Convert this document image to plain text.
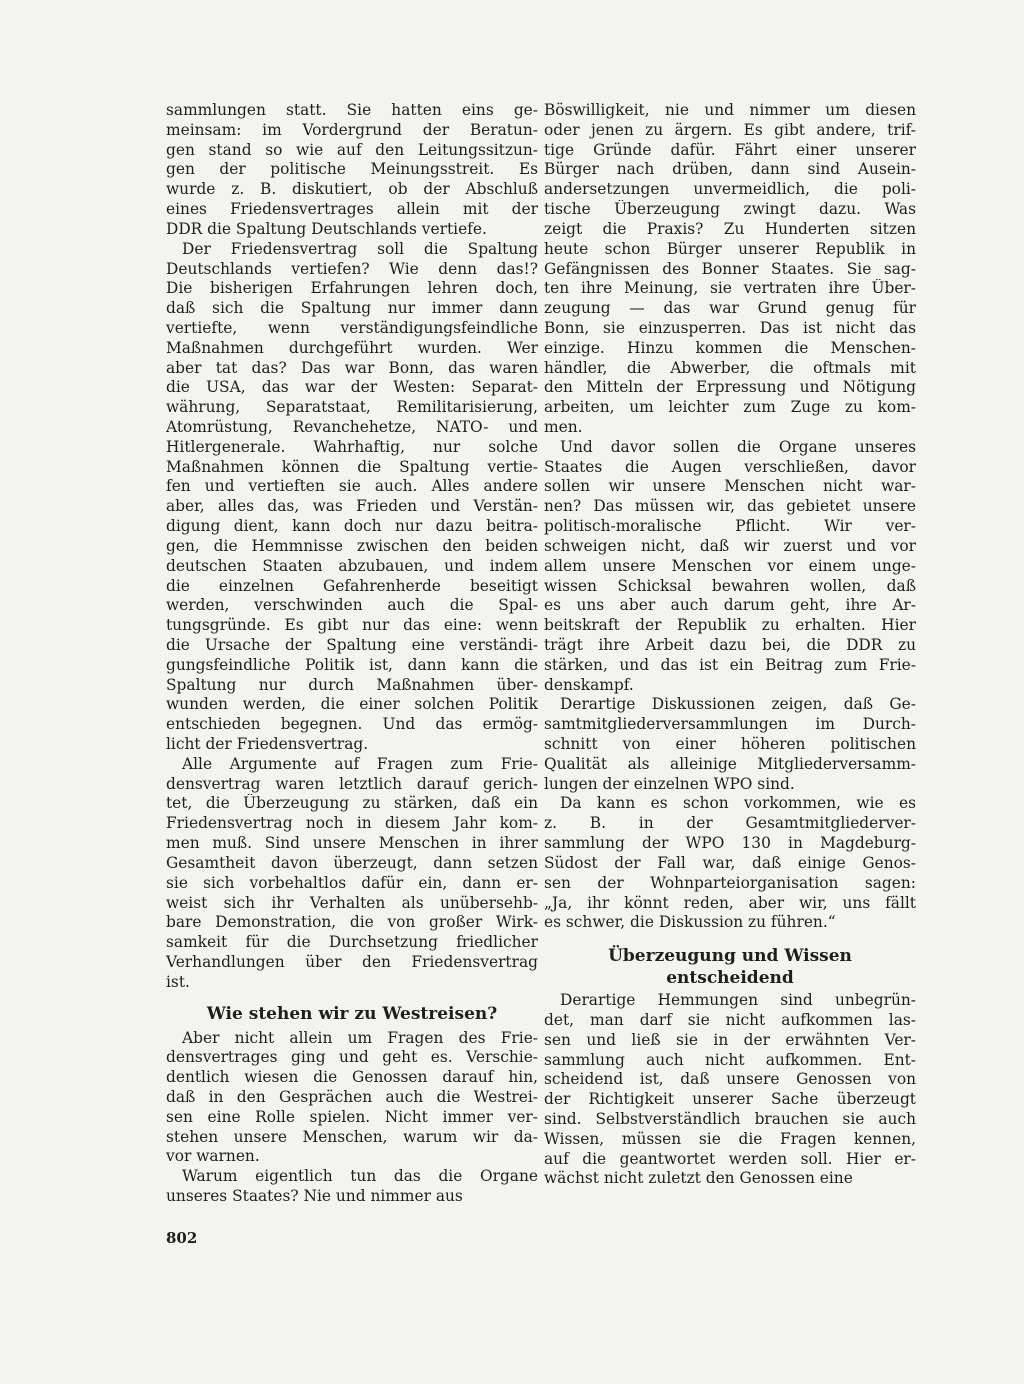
sammlungen statt. Sie hatten eins ge-
meinsam: im Vordergrund der Beratun-
gen stand so wie auf den Leitungssitzun-
gen der politische Meinungsstreit. Es
wurde z. B. diskutiert, ob der Abschluß
eines Friedensvertrages allein mit der
DDR die Spaltung Deutschlands vertiefe.
Der Friedensvertrag soll die Spaltung
Deutschlands vertiefen? Wie denn das!?
Die bisherigen Erfahrungen lehren doch,
daß sich die Spaltung nur immer dann
vertiefte, wenn verständigungsfeindliche
Maßnahmen durchgeführt wurden. Wer
aber tat das? Das war Bonn, das waren
die USA, das war der Westen: Separat-
währung, Separatstaat, Remilitarisierung,
Atomrüstung, Revanchehetze, NATO- und
Hitlergenerale. Wahrhaftig, nur solche
Maßnahmen können die Spaltung vertie-
fen und vertieften sie auch. Alles andere
aber, alles das, was Frieden und Verstän-
digung dient, kann doch nur dazu beitra-
gen, die Hemmnisse zwischen den beiden
deutschen Staaten abzubauen, und indem
die einzelnen Gefahrenherde beseitigt
werden, verschwinden auch die Spal-
tungsgründe. Es gibt nur das eine: wenn
die Ursache der Spaltung eine verständi-
gungsfeindliche Politik ist, dann kann die
Spaltung nur durch Maßnahmen über-
wunden werden, die einer solchen Politik
entschieden begegnen. Und das ermög-
licht der Friedensvertrag.
Alle Argumente auf Fragen zum Frie-
densvertrag waren letztlich darauf gerich-
tet, die Überzeugung zu stärken, daß ein
Friedensvertrag noch in diesem Jahr kom-
men muß. Sind unsere Menschen in ihrer
Gesamtheit davon überzeugt, dann setzen
sie sich vorbehaltlos dafür ein, dann er-
weist sich ihr Verhalten als unübersehb-
bare Demonstration, die von großer Wirk-
samkeit für die Durchsetzung friedlicher
Verhandlungen über den Friedensvertrag
ist.
Wie stehen wir zu Westreisen?
Aber nicht allein um Fragen des Frie-
densvertrages ging und geht es. Verschie-
dentlich wiesen die Genossen darauf hin,
daß in den Gesprächen auch die Westrei-
sen eine Rolle spielen. Nicht immer ver-
stehen unsere Menschen, warum wir da-
vor warnen.
Warum eigentlich tun das die Organe
unseres Staates? Nie und nimmer aus
Böswilligkeit, nie und nimmer um diesen
oder jenen zu ärgern. Es gibt andere, trif-
tige Gründe dafür. Fährt einer unserer
Bürger nach drüben, dann sind Ausein-
andersetzungen unvermeidlich, die poli-
tische Überzeugung zwingt dazu. Was
zeigt die Praxis? Zu Hunderten sitzen
heute schon Bürger unserer Republik in
Gefängnissen des Bonner Staates. Sie sag-
ten ihre Meinung, sie vertraten ihre Über-
zeugung — das war Grund genug für
Bonn, sie einzusperren. Das ist nicht das
einzige. Hinzu kommen die Menschen-
händler, die Abwerber, die oftmals mit
den Mitteln der Erpressung und Nötigung
arbeiten, um leichter zum Zuge zu kom-
men.
Und davor sollen die Organe unseres
Staates die Augen verschließen, davor
sollen wir unsere Menschen nicht war-
nen? Das müssen wir, das gebietet unsere
politisch-moralische Pflicht. Wir ver-
schweigen nicht, daß wir zuerst und vor
allem unsere Menschen vor einem unge-
wissen Schicksal bewahren wollen, daß
es uns aber auch darum geht, ihre Ar-
beitskraft der Republik zu erhalten. Hier
trägt ihre Arbeit dazu bei, die DDR zu
stärken, und das ist ein Beitrag zum Frie-
denskampf.
Derartige Diskussionen zeigen, daß Ge-
samtmitgliederversammlungen im Durch-
schnitt von einer höheren politischen
Qualität als alleinige Mitgliederversamm-
lungen der einzelnen WPO sind.
Da kann es schon vorkommen, wie es
z. B. in der Gesamtmitgliederver-
sammlung der WPO 130 in Magdeburg-
Südost der Fall war, daß einige Genos-
sen der Wohnparteiorganisation sagen:
„Ja, ihr könnt reden, aber wir, uns fällt
es schwer, die Diskussion zu führen.“
Überzeugung und Wissen
entscheidend
Derartige Hemmungen sind unbegrün-
det, man darf sie nicht aufkommen las-
sen und ließ sie in der erwähnten Ver-
sammlung auch nicht aufkommen. Ent-
scheidend ist, daß unsere Genossen von
der Richtigkeit unserer Sache überzeugt
sind. Selbstverständlich brauchen sie auch
Wissen, müssen sie die Fragen kennen,
auf die geantwortet werden soll. Hier er-
wächst nicht zuletzt den Genossen eine
802
